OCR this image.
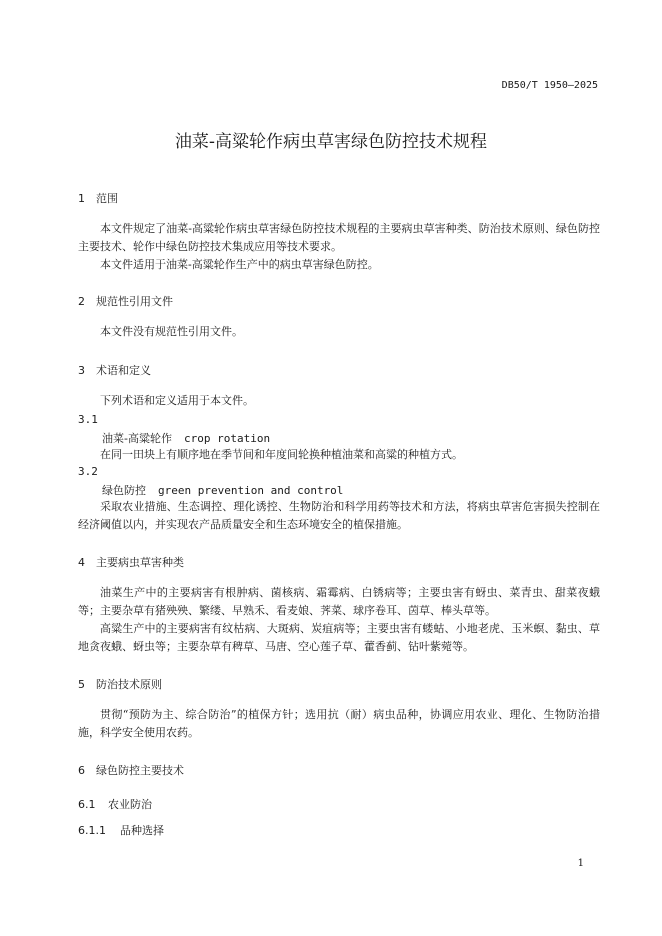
DB50/T 1950—2025
油菜-高粱轮作病虫草害绿色防控技术规程
1 范围
本文件规定了油菜-高粱轮作病虫草害绿色防控技术规程的主要病虫草害种类、防治技术原则、绿色防控主要技术、轮作中绿色防控技术集成应用等技术要求。
本文件适用于油菜-高粱轮作生产中的病虫草害绿色防控。
2 规范性引用文件
本文件没有规范性引用文件。
3 术语和定义
下列术语和定义适用于本文件。
3.1
油菜-高粱轮作 crop rotation
在同一田块上有顺序地在季节间和年度间轮换种植油菜和高粱的种植方式。
3.2
绿色防控 green prevention and control
采取农业措施、生态调控、理化诱控、生物防治和科学用药等技术和方法，将病虫草害危害损失控制在经济阈值以内，并实现农产品质量安全和生态环境安全的植保措施。
4 主要病虫草害种类
油菜生产中的主要病害有根肿病、菌核病、霜霉病、白锈病等；主要虫害有蚜虫、菜青虫、甜菜夜蛾等；主要杂草有猪殃殃、繁缕、早熟禾、看麦娘、荠菜、球序卷耳、茵草、棒头草等。
高粱生产中的主要病害有纹枯病、大斑病、炭疽病等；主要虫害有蝼蛄、小地老虎、玉米螟、黏虫、草地贪夜蛾、蚜虫等；主要杂草有稗草、马唐、空心莲子草、藿香蓟、钻叶紫菀等。
5 防治技术原则
贯彻“预防为主、综合防治”的植保方针；选用抗（耐）病虫品种，协调应用农业、理化、生物防治措施，科学安全使用农药。
6 绿色防控主要技术
6.1 农业防治
6.1.1 品种选择
1
